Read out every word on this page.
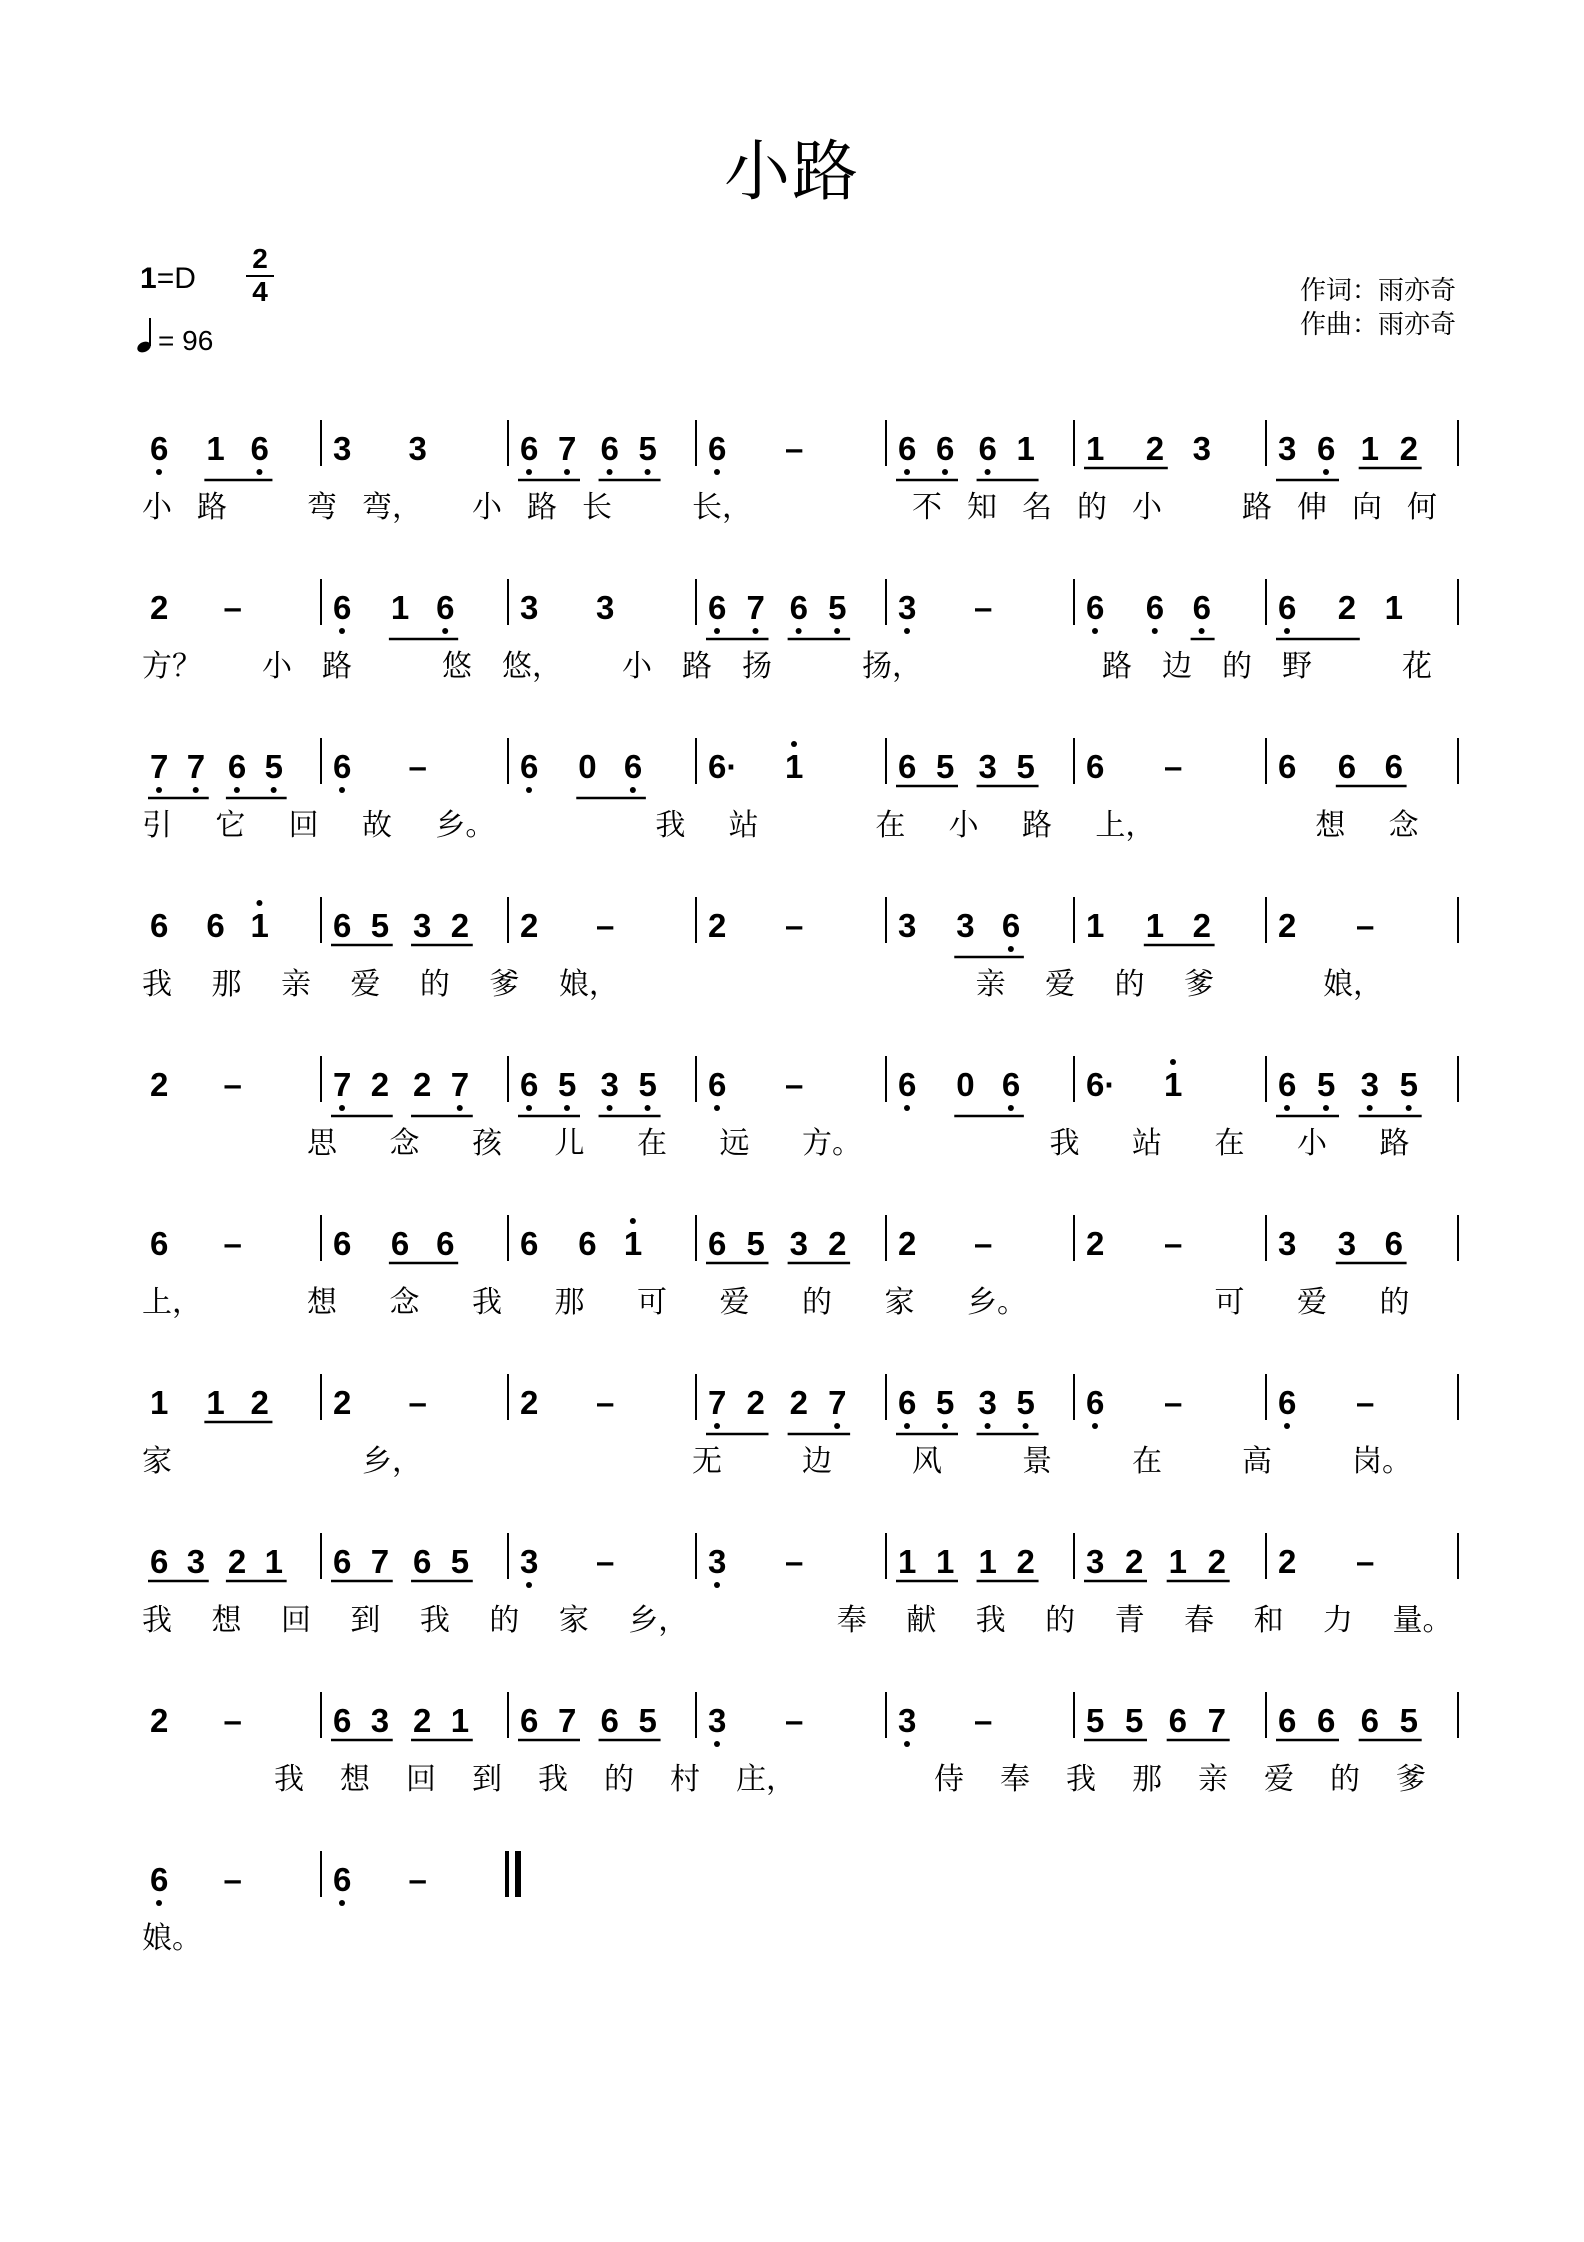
小路
1=D
2
4
= 96
作词：雨亦奇
作曲：雨亦奇
6 1 6 3 3	6 7 6 5 6 –	6 6 6 1 1 2 3 3 6 1 2
小 路	弯 弯， 小 路 长	长，	不 知 名 的 小	路 伸 向 何
2 –	6 1 6 3 3	6 7 6 5 3 –	6 6 6 6 2 1
方？ 小 路	悠 悠， 小 路 扬	扬，	路 边 的 野	花
7 7 6 5 6 –	6 0 6 6· 1	6 5 3 5 6 –	6 6 6
引 它 回 故 乡。	我 站	在 小 路 上，	想 念
6 6 1 6 5 3 2 2 –	2 –	3 3 6 1 1 2 2 –
我 那 亲 爱 的 爹 娘，	亲 爱 的 爹	娘，
2 –	7 2 2 7 6 5 3 5 6 –	6 0 6 6· 1	6 5 3 5
思 念 孩 儿 在 远 方。	我 站 在 小 路
6 –	6 6 6 6 6 1 6 5 3 2 2 –	2 –	3 3 6
上，	想 念 我 那 可 爱 的 家 乡。	可 爱 的
1 1 2 2 –	2 –	7 2 2 7 6 5 3 5 6 –	6 –
家	乡，	无	边	风	景	在	高	岗。
6 3 2 1 6 7 6 5 3 –	3 –	1 1 1 2 3 2 1 2 2 –
我 想 回 到 我 的 家 乡，	奉 献 我 的 青 春 和 力 量。
2 –	6 3 2 1 6 7 6 5 3 –	3 –	5 5 6 7 6 6 6 5
我 想 回 到 我 的 村 庄，	侍 奉 我 那 亲 爱 的 爹
6 –	6 –
娘。
